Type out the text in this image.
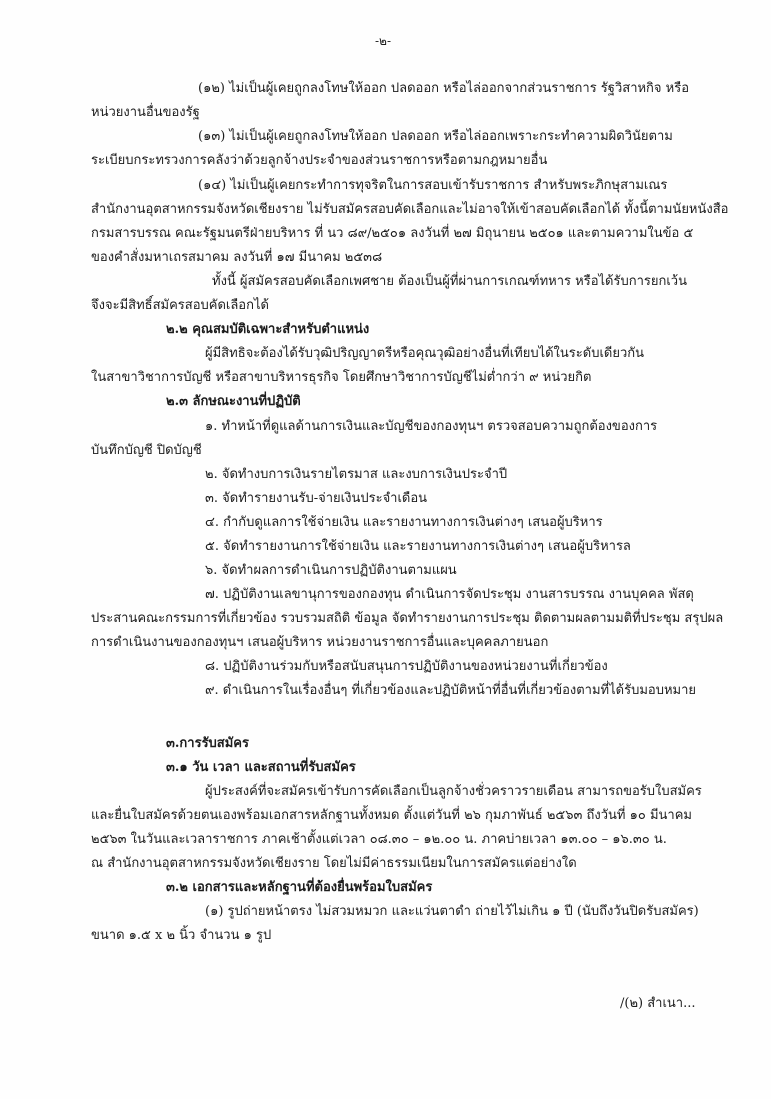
-๒-

(๑๒) ไม่เป็นผู้เคยถูกลงโทษให้ออก ปลดออก หรือไล่ออกจากส่วนราชการ รัฐวิสาหกิจ หรือ

หน่วยงานอื่นของรัฐ

(๑๓) ไม่เป็นผู้เคยถูกลงโทษให้ออก ปลดออก หรือไล่ออกเพราะกระทำความผิดวินัยตาม

ระเบียบกระทรวงการคลังว่าด้วยลูกจ้างประจำของส่วนราชการหรือตามกฎหมายอื่น

(๑๔) ไม่เป็นผู้เคยกระทำการทุจริตในการสอบเข้ารับราชการ สำหรับพระภิกษุสามเณร

สำนักงานอุตสาหกรรมจังหวัดเชียงราย ไม่รับสมัครสอบคัดเลือกและไม่อาจให้เข้าสอบคัดเลือกได้ ทั้งนี้ตามนัยหนังสือ

กรมสารบรรณ คณะรัฐมนตรีฝ่ายบริหาร ที่ นว ๘๙/๒๕๐๑ ลงวันที่ ๒๗ มิถุนายน ๒๕๐๑ และตามความในข้อ ๕

ของคำสั่งมหาเถรสมาคม ลงวันที่ ๑๗ มีนาคม ๒๕๓๘

ทั้งนี้ ผู้สมัครสอบคัดเลือกเพศชาย ต้องเป็นผู้ที่ผ่านการเกณฑ์ทหาร หรือได้รับการยกเว้น

จึงจะมีสิทธิ์สมัครสอบคัดเลือกได้

๒.๒ คุณสมบัติเฉพาะสำหรับตำแหน่ง

ผู้มีสิทธิจะต้องได้รับวุฒิปริญญาตรีหรือคุณวุฒิอย่างอื่นที่เทียบได้ในระดับเดียวกัน

ในสาขาวิชาการบัญชี หรือสาขาบริหารธุรกิจ โดยศึกษาวิชาการบัญชีไม่ต่ำกว่า ๙ หน่วยกิต

๒.๓ ลักษณะงานที่ปฏิบัติ

๑. ทำหน้าที่ดูแลด้านการเงินและบัญชีของกองทุนฯ ตรวจสอบความถูกต้องของการ

บันทึกบัญชี ปิดบัญชี

๒. จัดทำงบการเงินรายไตรมาส และงบการเงินประจำปี

๓. จัดทำรายงานรับ-จ่ายเงินประจำเดือน

๔. กำกับดูแลการใช้จ่ายเงิน และรายงานทางการเงินต่างๆ เสนอผู้บริหาร

๕. จัดทำรายงานการใช้จ่ายเงิน และรายงานทางการเงินต่างๆ เสนอผู้บริหารล

๖. จัดทำผลการดำเนินการปฏิบัติงานตามแผน

๗. ปฏิบัติงานเลขานุการของกองทุน ดำเนินการจัดประชุม งานสารบรรณ งานบุคคล พัสดุ

ประสานคณะกรรมการที่เกี่ยวข้อง รวบรวมสถิติ ข้อมูล จัดทำรายงานการประชุม ติดตามผลตามมติที่ประชุม สรุปผล

การดำเนินงานของกองทุนฯ เสนอผู้บริหาร หน่วยงานราชการอื่นและบุคคลภายนอก

๘. ปฏิบัติงานร่วมกับหรือสนับสนุนการปฏิบัติงานของหน่วยงานที่เกี่ยวข้อง

๙. ดำเนินการในเรื่องอื่นๆ ที่เกี่ยวข้องและปฏิบัติหน้าที่อื่นที่เกี่ยวข้องตามที่ได้รับมอบหมาย

๓.การรับสมัคร

๓.๑ วัน เวลา และสถานที่รับสมัคร

ผู้ประสงค์ที่จะสมัครเข้ารับการคัดเลือกเป็นลูกจ้างชั่วคราวรายเดือน สามารถขอรับใบสมัคร

และยื่นใบสมัครด้วยตนเองพร้อมเอกสารหลักฐานทั้งหมด ตั้งแต่วันที่ ๒๖ กุมภาพันธ์ ๒๕๖๓ ถึงวันที่ ๑๐ มีนาคม

๒๕๖๓ ในวันและเวลาราชการ ภาคเช้าตั้งแต่เวลา ๐๘.๓๐ – ๑๒.๐๐ น. ภาคบ่ายเวลา ๑๓.๐๐ – ๑๖.๓๐ น.

ณ สำนักงานอุตสาหกรรมจังหวัดเชียงราย โดยไม่มีค่าธรรมเนียมในการสมัครแต่อย่างใด

๓.๒ เอกสารและหลักฐานที่ต้องยื่นพร้อมใบสมัคร

(๑) รูปถ่ายหน้าตรง ไม่สวมหมวก และแว่นตาดำ ถ่ายไว้ไม่เกิน ๑ ปี (นับถึงวันปิดรับสมัคร)

ขนาด ๑.๕ x ๒ นิ้ว จำนวน ๑ รูป

/(๒) สำเนา...
